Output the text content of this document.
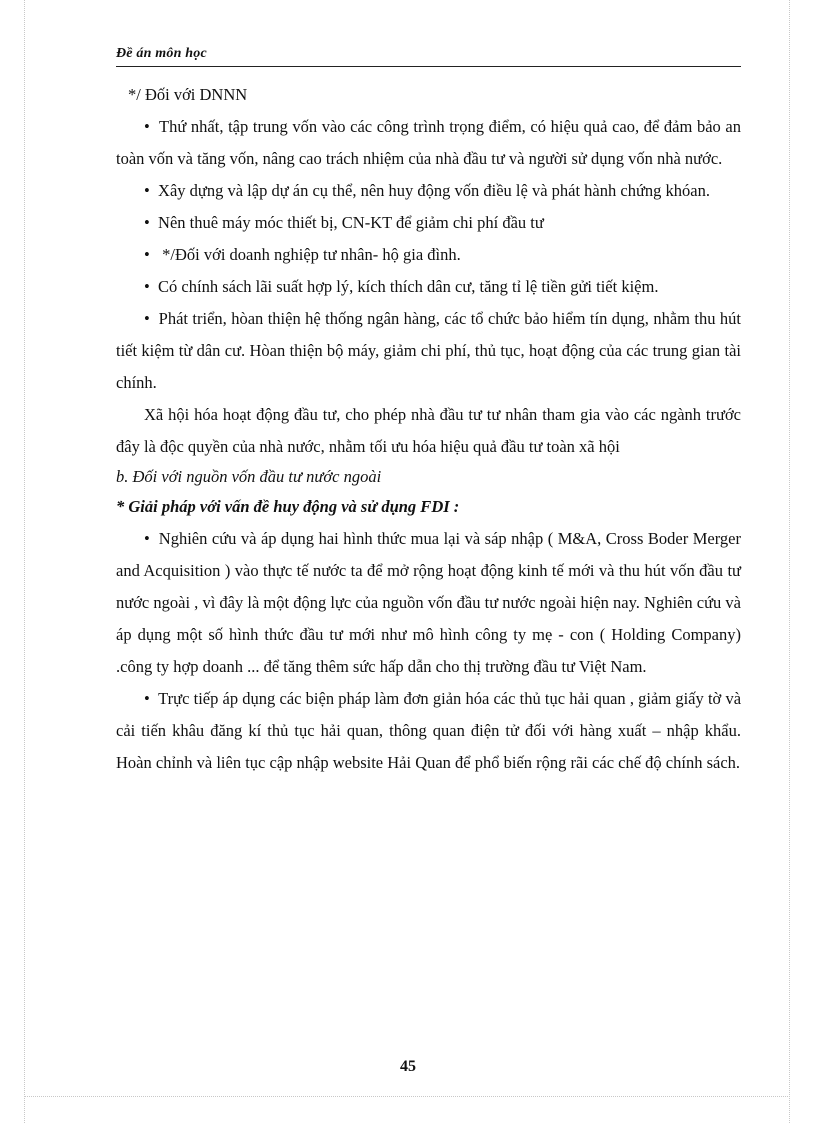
Đề án môn học

*/ Đối với DNNN

• Thứ nhất, tập trung vốn vào các công trình trọng điểm, có hiệu quả cao, để đảm bảo an toàn vốn và tăng vốn, nâng cao trách nhiệm của nhà đầu tư và người sử dụng vốn nhà nước.

• Xây dựng và lập dự án cụ thể, nên huy động vốn điều lệ và phát hành chứng khóan.

• Nên thuê máy móc thiết bị, CN-KT để giảm chi phí đầu tư

• */Đối với doanh nghiệp tư nhân- hộ gia đình.

• Có chính sách lãi suất hợp lý, kích thích dân cư, tăng tỉ lệ tiền gửi tiết kiệm.

• Phát triển, hòan thiện hệ thống ngân hàng, các tổ chức bảo hiểm tín dụng, nhằm thu hút tiết kiệm từ dân cư. Hòan thiện bộ máy, giảm chi phí, thủ tục, hoạt động của các trung gian tài chính.

Xã hội hóa hoạt động đầu tư, cho phép nhà đầu tư tư nhân tham gia vào các ngành trước đây là độc quyền của nhà nước, nhằm tối ưu hóa hiệu quả đầu tư toàn xã hội

b. Đối với nguồn vốn đầu tư nước ngoài

* Giải pháp với vấn đề huy động và sử dụng FDI :

• Nghiên cứu và áp dụng hai hình thức mua lại và sáp nhập ( M&A, Cross Boder Merger and Acquisition ) vào thực tế nước ta để mở rộng hoạt động kinh tế mới và thu hút vốn đầu tư nước ngoài , vì đây là một động lực của nguồn vốn đầu tư nước ngoài hiện nay. Nghiên cứu và áp dụng một số hình thức đầu tư mới như mô hình công ty mẹ - con ( Holding Company) .công ty hợp doanh ... để tăng thêm sức hấp dẫn cho thị trường đầu tư Việt Nam.

• Trực tiếp áp dụng các biện pháp làm đơn giản hóa các thủ tục hải quan , giảm giấy tờ và cải tiến khâu đăng kí thủ tục hải quan, thông quan điện tử đối với hàng xuất – nhập khẩu. Hoàn chỉnh và liên tục cập nhập website Hải Quan để phổ biến rộng rãi các chế độ chính sách.

45
